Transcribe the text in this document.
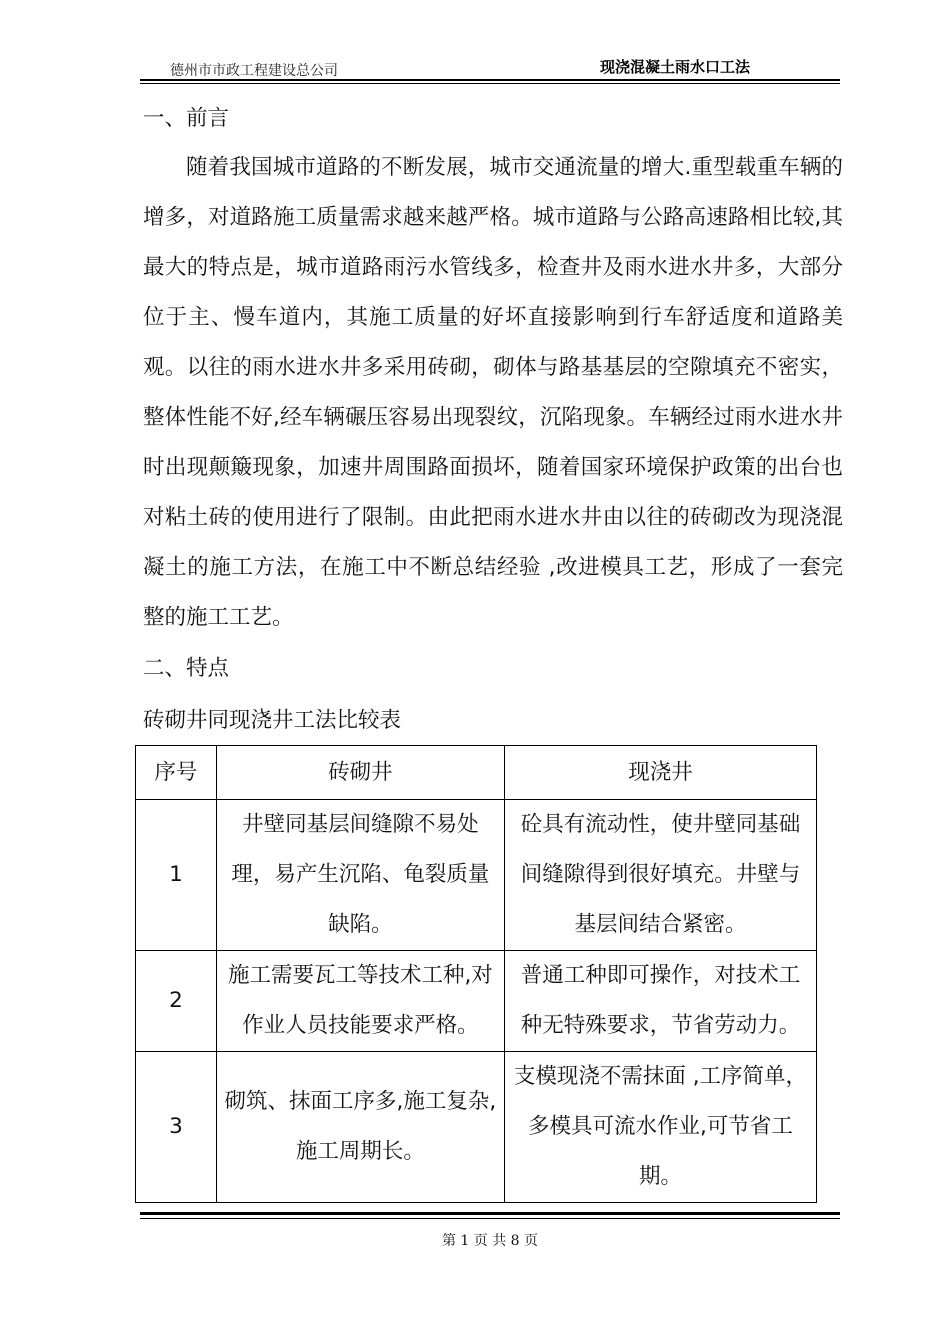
德州市市政工程建设总公司	现浇混凝土雨水口工法
一、前言
随着我国城市道路的不断发展，城市交通流量的增大.重型载重车辆的增多，对道路施工质量需求越来越严格。城市道路与公路高速路相比较,其最大的特点是，城市道路雨污水管线多，检查井及雨水进水井多，大部分位于主、慢车道内，其施工质量的好坏直接影响到行车舒适度和道路美观。以往的雨水进水井多采用砖砌，砌体与路基基层的空隙填充不密实，整体性能不好,经车辆碾压容易出现裂纹，沉陷现象。车辆经过雨水进水井时出现颠簸现象，加速井周围路面损坏，随着国家环境保护政策的出台也对粘土砖的使用进行了限制。由此把雨水进水井由以往的砖砌改为现浇混凝土的施工方法，在施工中不断总结经验 ,改进模具工艺，形成了一套完整的施工工艺。
二、特点
砖砌井同现浇井工法比较表
序号	砖砌井	现浇井
1	井壁同基层间缝隙不易处理，易产生沉陷、龟裂质量缺陷。	砼具有流动性，使井壁同基础间缝隙得到很好填充。井壁与基层间结合紧密。
2	施工需要瓦工等技术工种,对作业人员技能要求严格。	普通工种即可操作，对技术工种无特殊要求，节省劳动力。
3	砌筑、抹面工序多,施工复杂,施工周期长。	支模现浇不需抹面 ,工序简单，多模具可流水作业,可节省工期。
第 1 页 共 8 页
